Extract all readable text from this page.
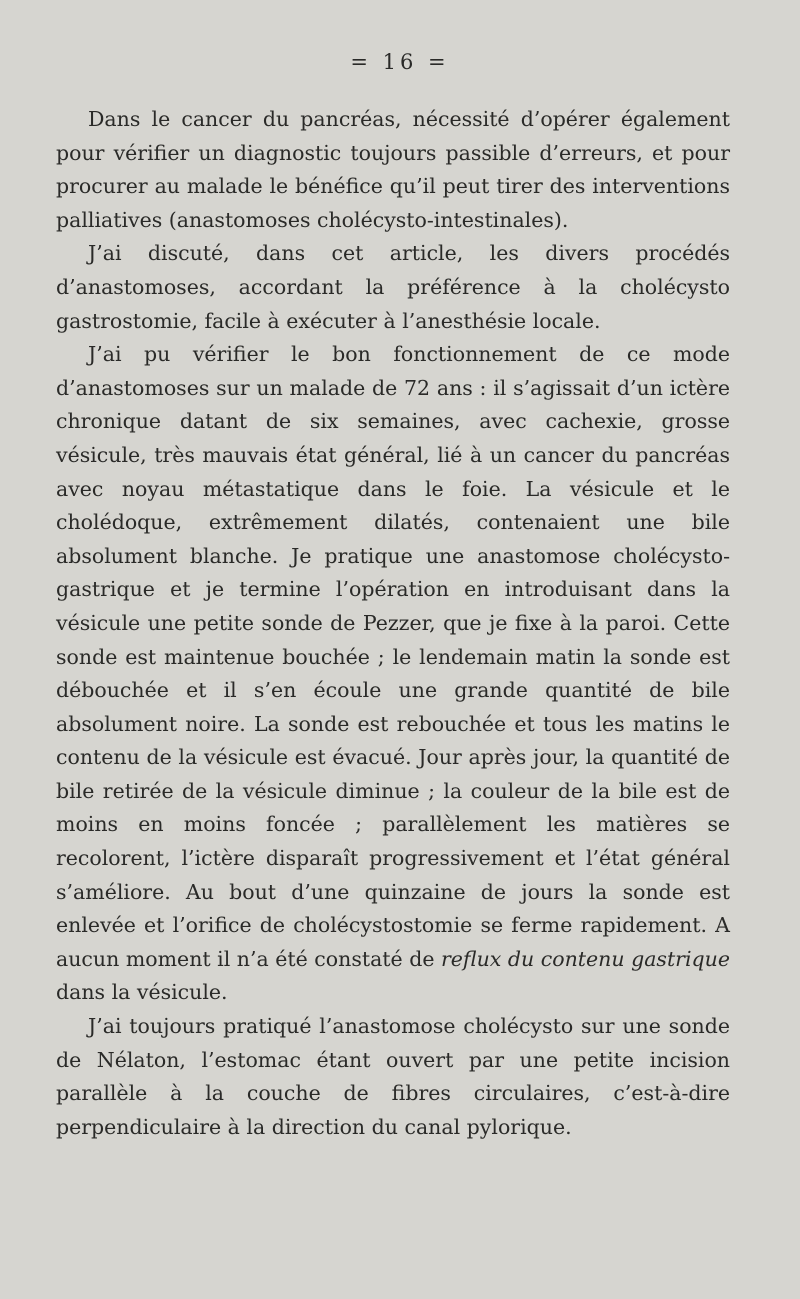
= 16 =

Dans le cancer du pancréas, nécessité d’opérer également pour vérifier un diagnostic toujours passible d’erreurs, et pour procurer au malade le bénéfice qu’il peut tirer des interventions palliatives (anastomoses cholécysto-intestinales).

J’ai discuté, dans cet article, les divers procédés d’anastomoses, accordant la préférence à la cholécysto gastrostomie, facile à exécuter à l’anesthésie locale.

J’ai pu vérifier le bon fonctionnement de ce mode d’anastomoses sur un malade de 72 ans : il s’agissait d’un ictère chronique datant de six semaines, avec cachexie, grosse vésicule, très mauvais état général, lié à un cancer du pancréas avec noyau métastatique dans le foie. La vésicule et le cholédoque, extrêmement dilatés, contenaient une bile absolument blanche. Je pratique une anastomose cholécysto-gastrique et je termine l’opération en introduisant dans la vésicule une petite sonde de Pezzer, que je fixe à la paroi. Cette sonde est maintenue bouchée ; le lendemain matin la sonde est débouchée et il s’en écoule une grande quantité de bile absolument noire. La sonde est rebouchée et tous les matins le contenu de la vésicule est évacué. Jour après jour, la quantité de bile retirée de la vésicule diminue ; la couleur de la bile est de moins en moins foncée ; parallèlement les matières se recolorent, l’ictère disparaît progressivement et l’état général s’améliore. Au bout d’une quinzaine de jours la sonde est enlevée et l’orifice de cholécystostomie se ferme rapidement. A aucun moment il n’a été constaté de reflux du contenu gastrique dans la vésicule.

J’ai toujours pratiqué l’anastomose cholécysto sur une sonde de Nélaton, l’estomac étant ouvert par une petite incision parallèle à la couche de fibres circulaires, c’est-à-dire perpendiculaire à la direction du canal pylorique.
